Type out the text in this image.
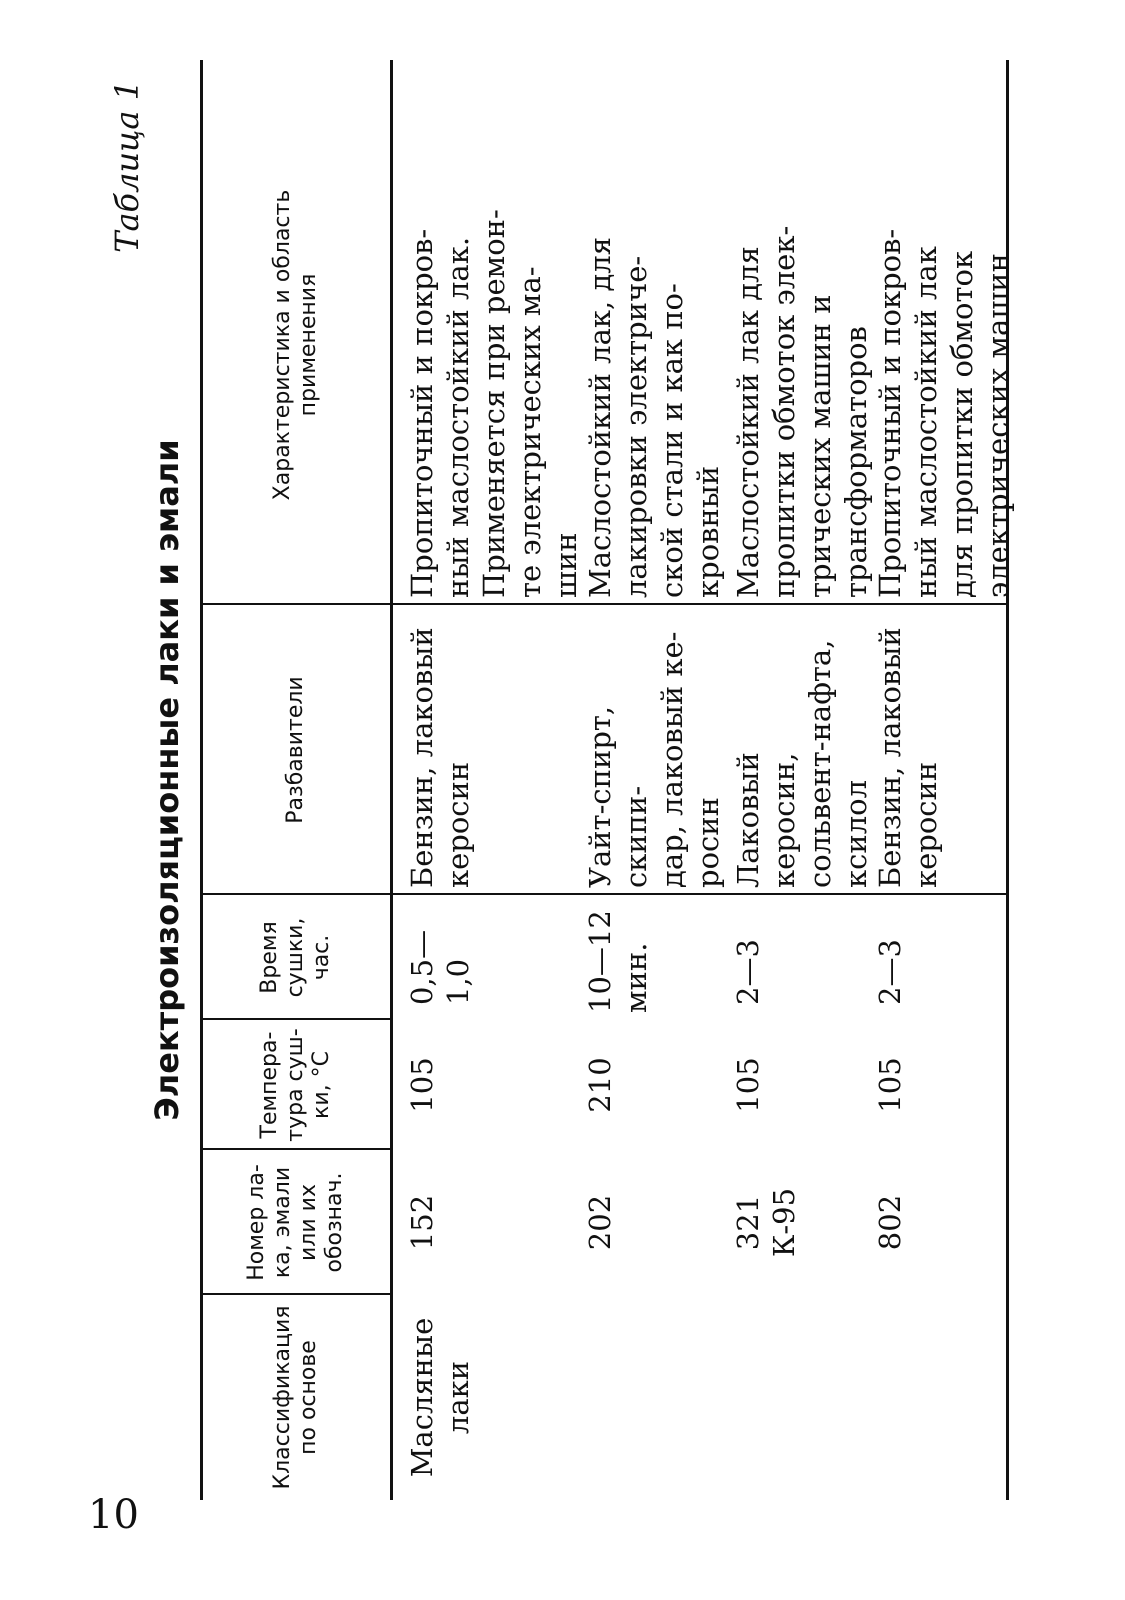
10
Таблица 1
Электроизоляционные лаки и эмали
Классификация
по основе
Номер ла-
ка, эмали
или их
обознач.
Темпера-
тура суш-
ки, °С
Время
сушки,
час.
Разбавители
Характеристика и область
применения
Масляные
лаки
152
105
0,5—
1,0
Бензин, лаковый
керосин
Пропиточный и покров-
ный маслостойкий лак.
Применяется при ремон-
те электрических ма-
шин
202
210
10—12
мин.
Уайт-спирт, скипи-
дар, лаковый ке-
росин
Маслостойкий лак, для
лакировки электриче-
ской стали и как по-
кровный
321
К-95
105
2—3
Лаковый керосин,
сольвент-нафта,
ксилол
Маслостойкий лак для
пропитки обмоток элек-
трических машин и
трансформаторов
802
105
2—3
Бензин, лаковый
керосин
Пропиточный и покров-
ный маслостойкий лак
для пропитки обмоток
электрических машин
